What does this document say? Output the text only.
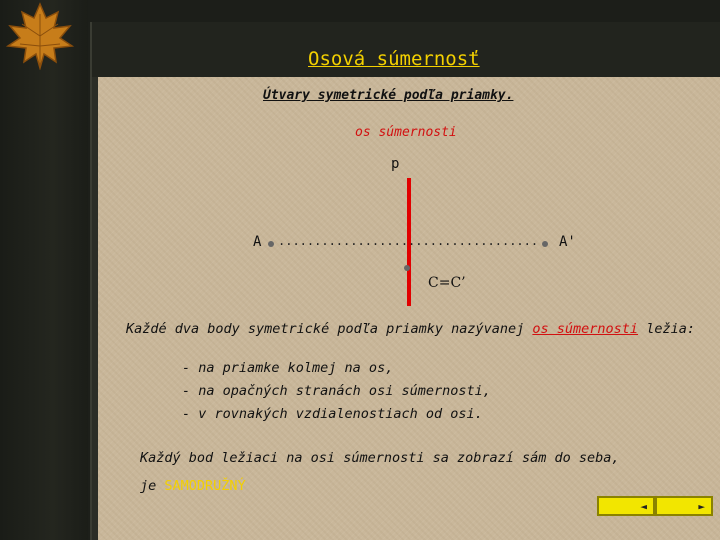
Osová súmernosť
Útvary symetrické podľa priamky.
os súmernosti
p
A .................................... A'
C=C’
Každé dva body symetrické podľa priamky nazývanej os súmernosti ležia:
- na priamke kolmej na os,
- na opačných stranách osi súmernosti,
- v rovnakých vzdialenostiach od osi.
Každý bod ležiaci na osi súmernosti sa zobrazí sám do seba,
je SAMODRUŽNÝ
◄	►
